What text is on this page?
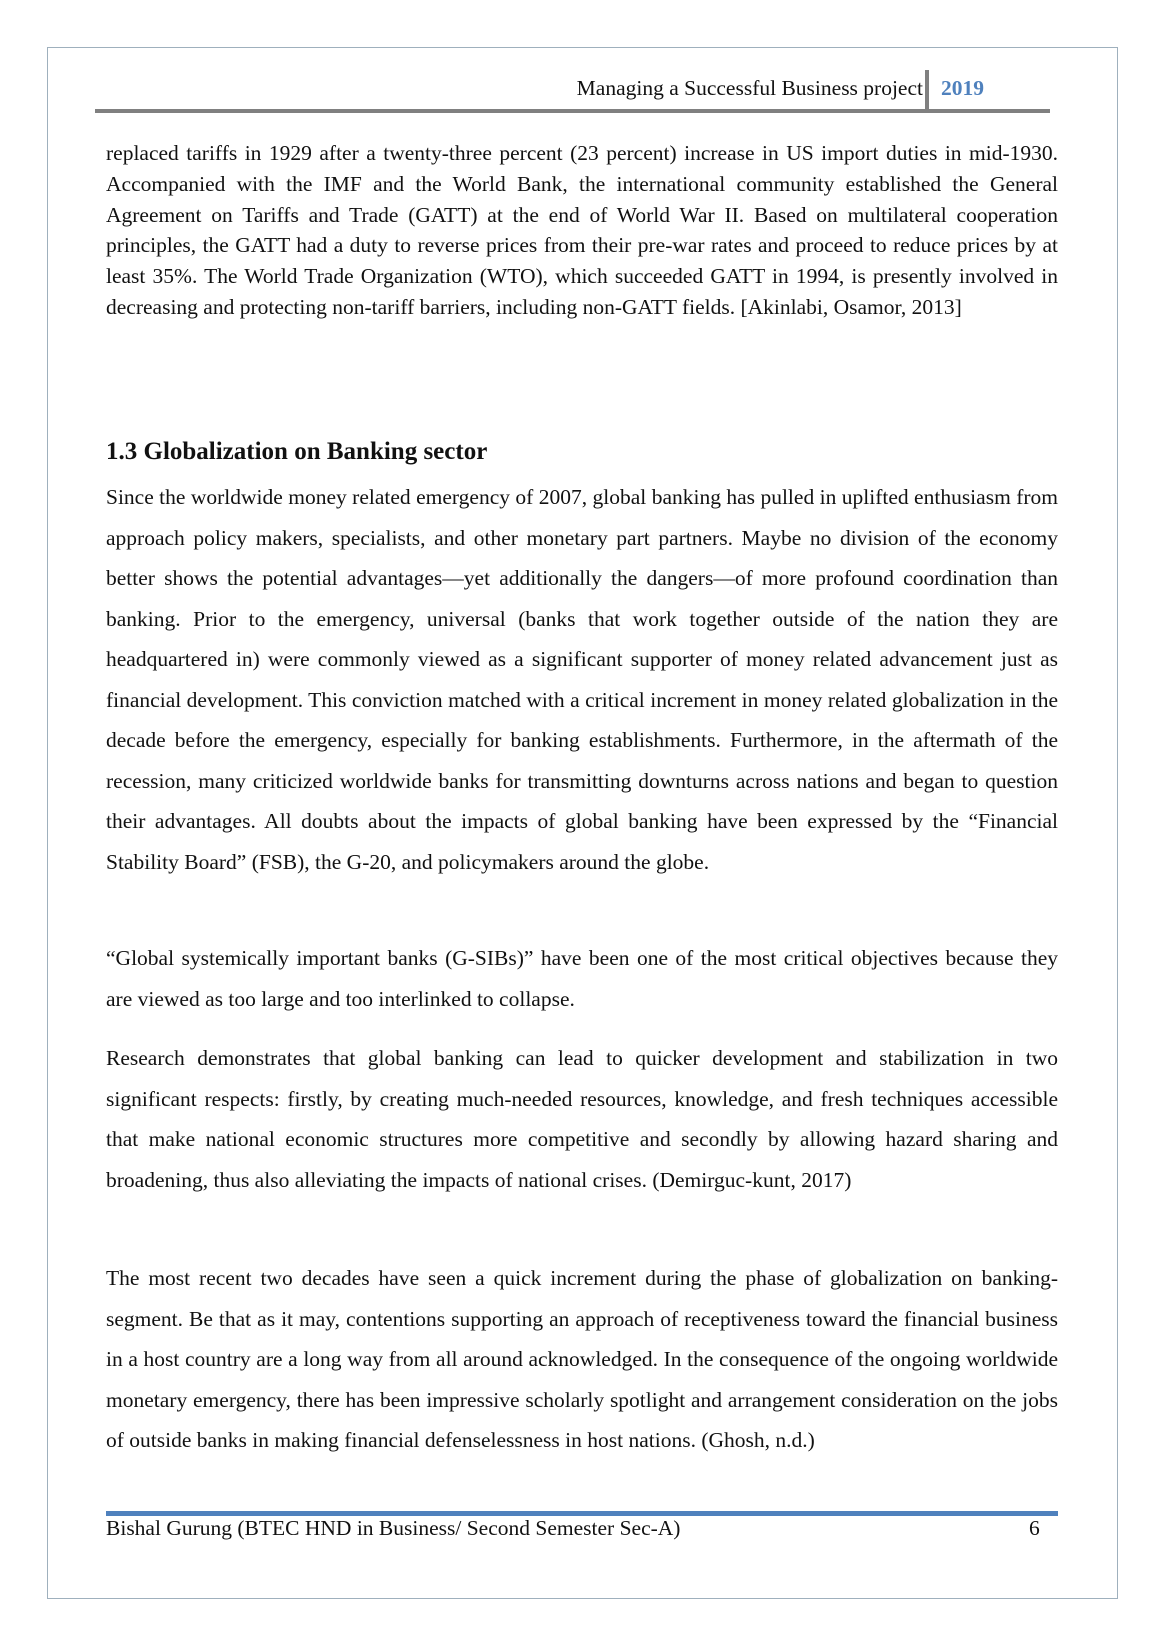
Managing a Successful Business project 2019

replaced tariffs in 1929 after a twenty-three percent (23 percent) increase in US import duties in mid-1930. Accompanied with the IMF and the World Bank, the international community established the General Agreement on Tariffs and Trade (GATT) at the end of World War II. Based on multilateral cooperation principles, the GATT had a duty to reverse prices from their pre-war rates and proceed to reduce prices by at least 35%. The World Trade Organization (WTO), which succeeded GATT in 1994, is presently involved in decreasing and protecting non-tariff barriers, including non-GATT fields. [Akinlabi, Osamor, 2013]

1.3 Globalization on Banking sector

Since the worldwide money related emergency of 2007, global banking has pulled in uplifted enthusiasm from approach policy makers, specialists, and other monetary part partners. Maybe no division of the economy better shows the potential advantages—yet additionally the dangers—of more profound coordination than banking. Prior to the emergency, universal (banks that work together outside of the nation they are headquartered in) were commonly viewed as a significant supporter of money related advancement just as financial development. This conviction matched with a critical increment in money related globalization in the decade before the emergency, especially for banking establishments. Furthermore, in the aftermath of the recession, many criticized worldwide banks for transmitting downturns across nations and began to question their advantages. All doubts about the impacts of global banking have been expressed by the “Financial Stability Board” (FSB), the G-20, and policymakers around the globe.

“Global systemically important banks (G-SIBs)” have been one of the most critical objectives because they are viewed as too large and too interlinked to collapse.

Research demonstrates that global banking can lead to quicker development and stabilization in two significant respects: firstly, by creating much-needed resources, knowledge, and fresh techniques accessible that make national economic structures more competitive and secondly by allowing hazard sharing and broadening, thus also alleviating the impacts of national crises. (Demirguc-kunt, 2017)

The most recent two decades have seen a quick increment during the phase of globalization on banking-segment. Be that as it may, contentions supporting an approach of receptiveness toward the financial business in a host country are a long way from all around acknowledged. In the consequence of the ongoing worldwide monetary emergency, there has been impressive scholarly spotlight and arrangement consideration on the jobs of outside banks in making financial defenselessness in host nations. (Ghosh, n.d.)

Bishal Gurung (BTEC HND in Business/ Second Semester Sec-A)	6
